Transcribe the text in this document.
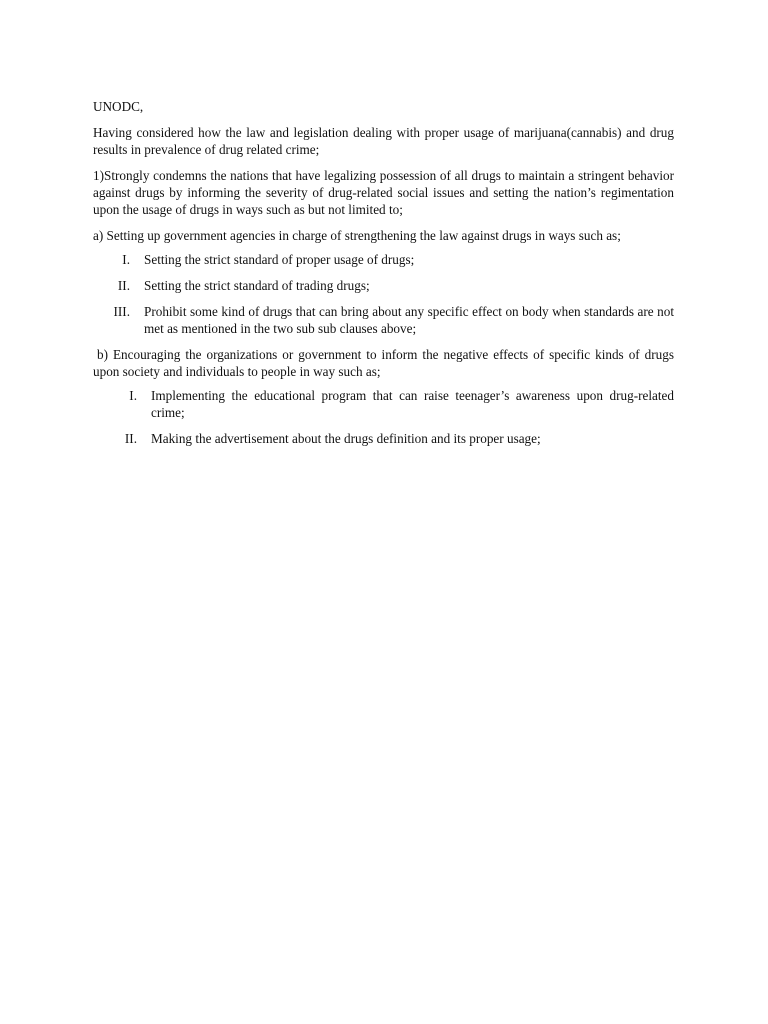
UNODC,

Having considered how the law and legislation dealing with proper usage of marijuana(cannabis) and drug results in prevalence of drug related crime;

1)Strongly condemns the nations that have legalizing possession of all drugs to maintain a stringent behavior against drugs by informing the severity of drug-related social issues and setting the nation’s regimentation upon the usage of drugs in ways such as but not limited to;

a) Setting up government agencies in charge of strengthening the law against drugs in ways such as;

I. Setting the strict standard of proper usage of drugs;
II. Setting the strict standard of trading drugs;
III. Prohibit some kind of drugs that can bring about any specific effect on body when standards are not met as mentioned in the two sub sub clauses above;

b) Encouraging the organizations or government to inform the negative effects of specific kinds of drugs upon society and individuals to people in way such as;

I. Implementing the educational program that can raise teenager’s awareness upon drug-related crime;
II. Making the advertisement about the drugs definition and its proper usage;
